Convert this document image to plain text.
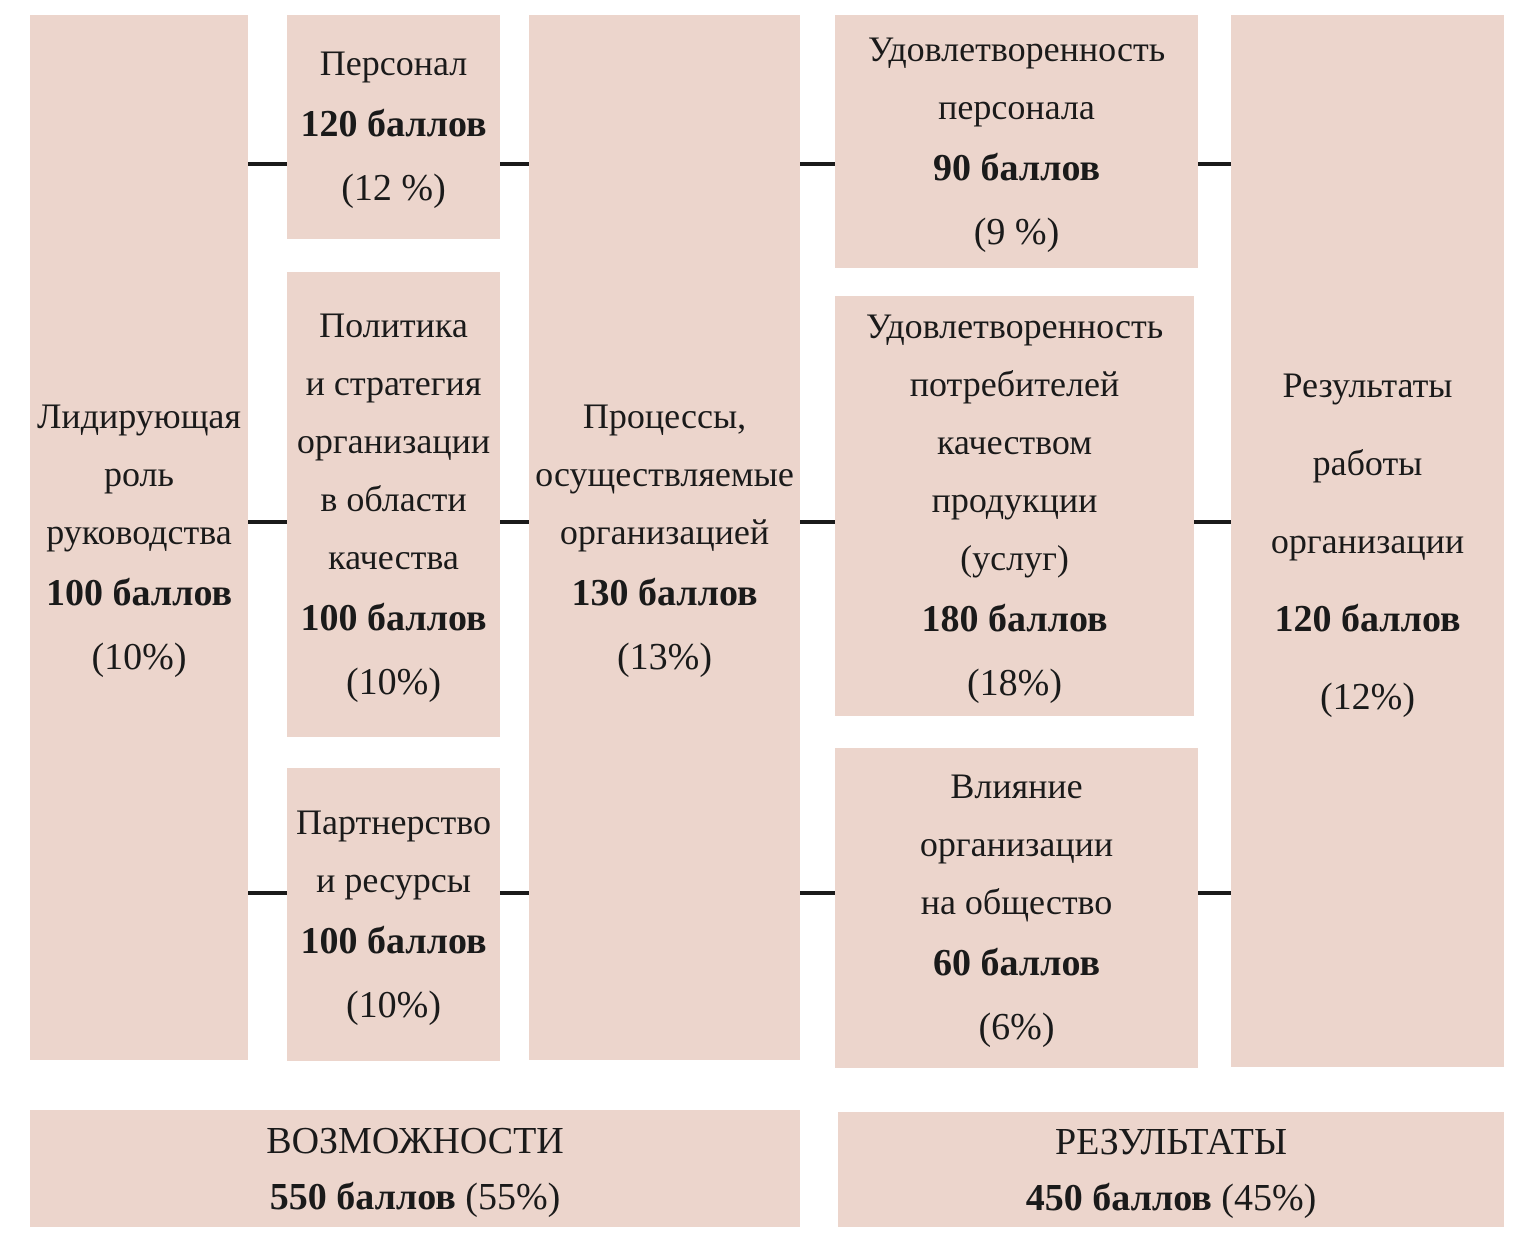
Лидирующая
роль
руководства
100 баллов
(10%)
Персонал
120 баллов
(12 %)
Политика
и стратегия
организации
в области
качества
100 баллов
(10%)
Партнерство
и ресурсы
100 баллов
(10%)
Процессы,
осуществляемые
организацией
130 баллов
(13%)
Удовлетворенность
персонала
90 баллов
(9 %)
Удовлетворенность
потребителей
качеством
продукции
(услуг)
180 баллов
(18%)
Влияние
организации
на общество
60 баллов
(6%)
Результаты
работы
организации
120 баллов
(12%)
ВОЗМОЖНОСТИ
550 баллов (55%)
РЕЗУЛЬТАТЫ
450 баллов (45%)
